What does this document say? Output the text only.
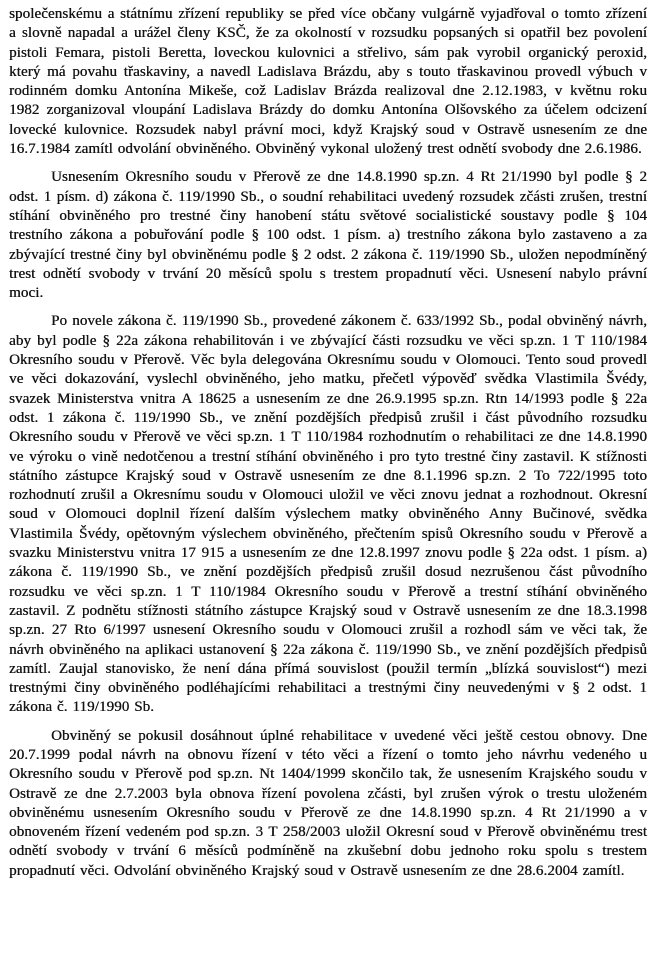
společenskému a státnímu zřízení republiky se před více občany vulgárně vyjadřoval o tomto zřízení a slovně napadal a urážel členy KSČ, že za okolností v rozsudku popsaných si opatřil bez povolení pistoli Femara, pistoli Beretta, loveckou kulovnici a střelivo, sám pak vyrobil organický peroxid, který má povahu třaskaviny, a navedl Ladislava Brázdu, aby s touto třaskavinou provedl výbuch v rodinném domku Antonína Mikeše, což Ladislav Brázda realizoval dne 2.12.1983, v květnu roku 1982 zorganizoval vloupání Ladislava Brázdy do domku Antonína Olšovského za účelem odcizení lovecké kulovnice. Rozsudek nabyl právní moci, když Krajský soud v Ostravě usnesením ze dne 16.7.1984 zamítl odvolání obviněného. Obviněný vykonal uložený trest odnětí svobody dne 2.6.1986.

Usnesením Okresního soudu v Přerově ze dne 14.8.1990 sp.zn. 4 Rt 21/1990 byl podle § 2 odst. 1 písm. d) zákona č. 119/1990 Sb., o soudní rehabilitaci uvedený rozsudek zčásti zrušen, trestní stíhání obviněného pro trestné činy hanobení státu světové socialistické soustavy podle § 104 trestního zákona a pobuřování podle § 100 odst. 1 písm. a) trestního zákona bylo zastaveno a za zbývající trestné činy byl obviněnému podle § 2 odst. 2 zákona č. 119/1990 Sb., uložen nepodmíněný trest odnětí svobody v trvání 20 měsíců spolu s trestem propadnutí věci. Usnesení nabylo právní moci.

Po novele zákona č. 119/1990 Sb., provedené zákonem č. 633/1992 Sb., podal obviněný návrh, aby byl podle § 22a zákona rehabilitován i ve zbývající části rozsudku ve věci sp.zn. 1 T 110/1984 Okresního soudu v Přerově. Věc byla delegována Okresnímu soudu v Olomouci. Tento soud provedl ve věci dokazování, vyslechl obviněného, jeho matku, přečetl výpověď svědka Vlastimila Švédy, svazek Ministerstva vnitra A 18625 a usnesením ze dne 26.9.1995 sp.zn. Rtn 14/1993 podle § 22a odst. 1 zákona č. 119/1990 Sb., ve znění pozdějších předpisů zrušil i část původního rozsudku Okresního soudu v Přerově ve věci sp.zn. 1 T 110/1984 rozhodnutím o rehabilitaci ze dne 14.8.1990 ve výroku o vině nedotčenou a trestní stíhání obviněného i pro tyto trestné činy zastavil. K stížnosti státního zástupce Krajský soud v Ostravě usnesením ze dne 8.1.1996 sp.zn. 2 To 722/1995 toto rozhodnutí zrušil a Okresnímu soudu v Olomouci uložil ve věci znovu jednat a rozhodnout. Okresní soud v Olomouci doplnil řízení dalším výslechem matky obviněného Anny Bučinové, svědka Vlastimila Švédy, opětovným výslechem obviněného, přečtením spisů Okresního soudu v Přerově a svazku Ministerstvu vnitra 17 915 a usnesením ze dne 12.8.1997 znovu podle § 22a odst. 1 písm. a) zákona č. 119/1990 Sb., ve znění pozdějších předpisů zrušil dosud nezrušenou část původního rozsudku ve věci sp.zn. 1 T 110/1984 Okresního soudu v Přerově a trestní stíhání obviněného zastavil. Z podnětu stížnosti státního zástupce Krajský soud v Ostravě usnesením ze dne 18.3.1998 sp.zn. 27 Rto 6/1997 usnesení Okresního soudu v Olomouci zrušil a rozhodl sám ve věci tak, že návrh obviněného na aplikaci ustanovení § 22a zákona č. 119/1990 Sb., ve znění pozdějších předpisů zamítl. Zaujal stanovisko, že není dána přímá souvislost (použil termín „blízká souvislost“) mezi trestnými činy obviněného podléhajícími rehabilitaci a trestnými činy neuvedenými v § 2 odst. 1 zákona č. 119/1990 Sb.

Obviněný se pokusil dosáhnout úplné rehabilitace v uvedené věci ještě cestou obnovy. Dne 20.7.1999 podal návrh na obnovu řízení v této věci a řízení o tomto jeho návrhu vedeného u Okresního soudu v Přerově pod sp.zn. Nt 1404/1999 skončilo tak, že usnesením Krajského soudu v Ostravě ze dne 2.7.2003 byla obnova řízení povolena zčásti, byl zrušen výrok o trestu uloženém obviněnému usnesením Okresního soudu v Přerově ze dne 14.8.1990 sp.zn. 4 Rt 21/1990 a v obnoveném řízení vedeném pod sp.zn. 3 T 258/2003 uložil Okresní soud v Přerově obviněnému trest odnětí svobody v trvání 6 měsíců podmíněně na zkušební dobu jednoho roku spolu s trestem propadnutí věci. Odvolání obviněného Krajský soud v Ostravě usnesením ze dne 28.6.2004 zamítl.
